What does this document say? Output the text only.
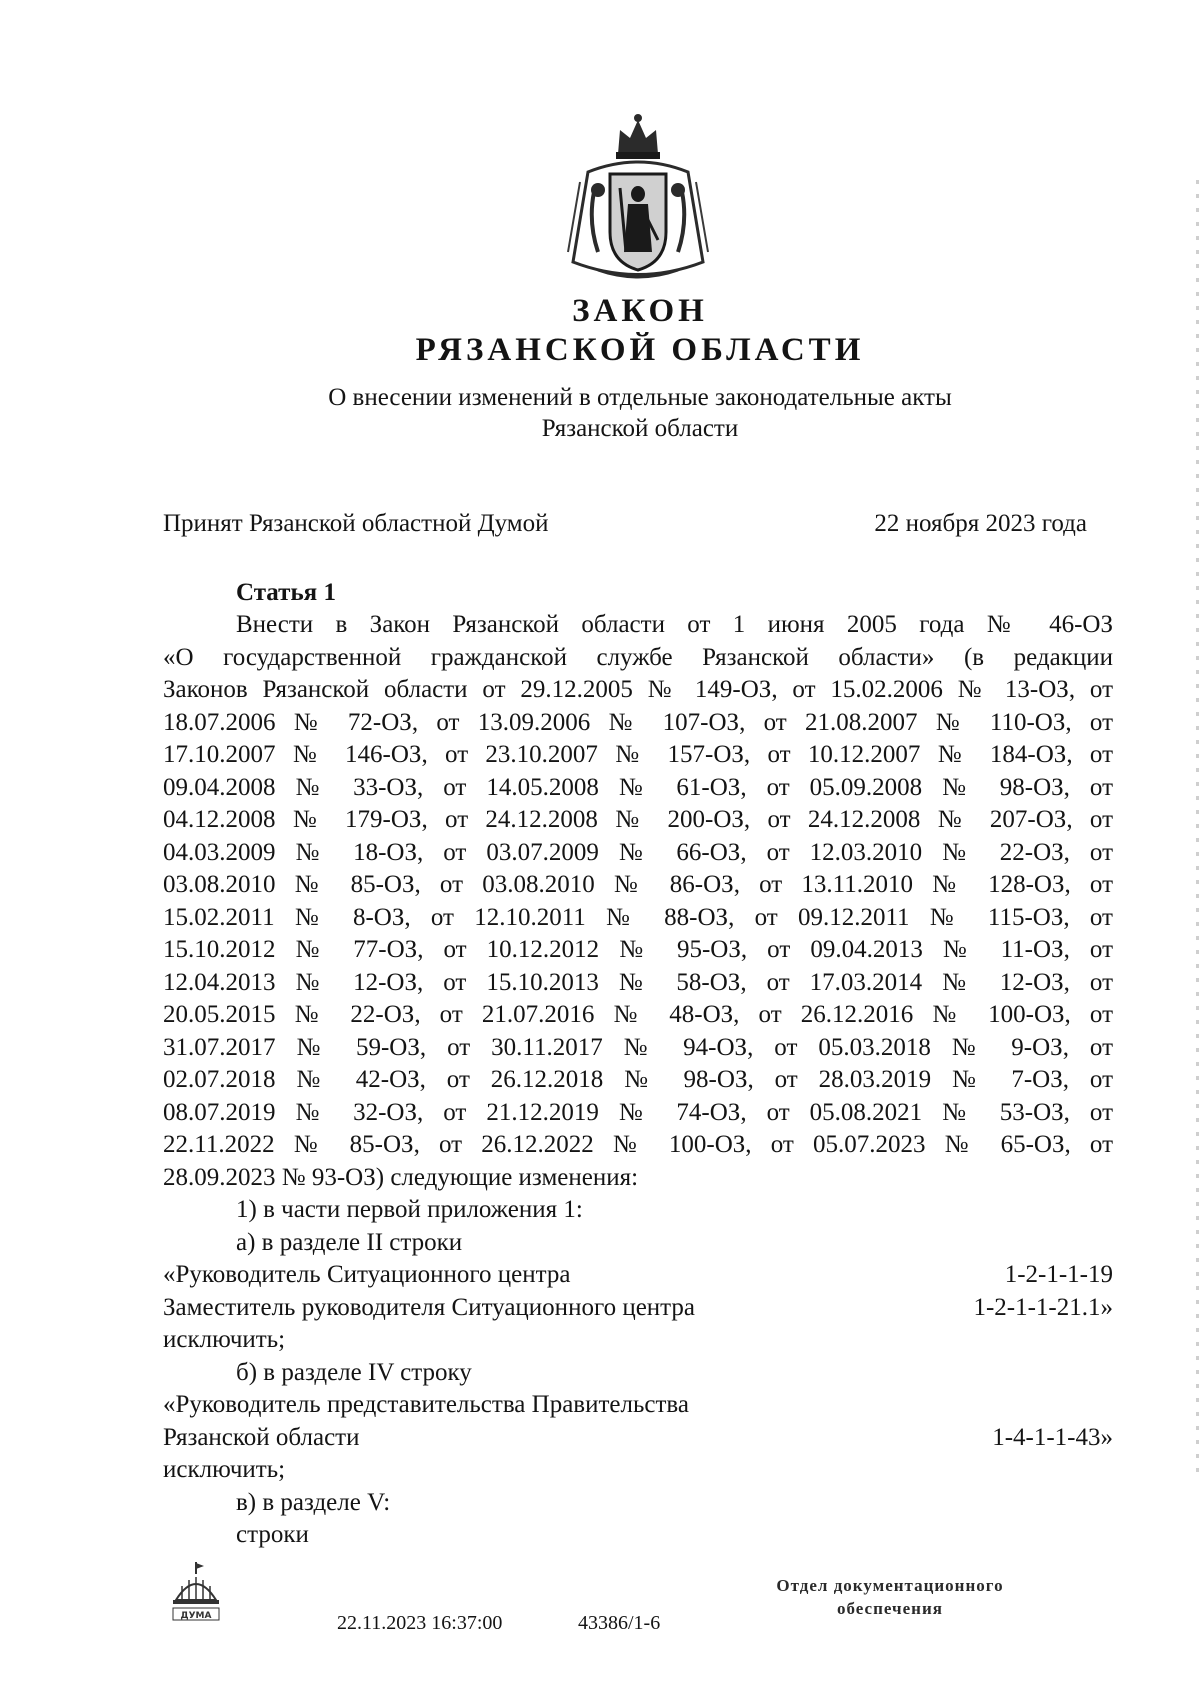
ЗАКОН
РЯЗАНСКОЙ ОБЛАСТИ
О внесении изменений в отдельные законодательные акты
Рязанской области
Принят Рязанской областной Думой	22 ноября 2023 года
Статья 1
Внести в Закон Рязанской области от 1 июня 2005 года № 46-ОЗ
«О государственной гражданской службе Рязанской области» (в редакции
Законов Рязанской области от 29.12.2005 № 149-ОЗ, от 15.02.2006 № 13-ОЗ, от
18.07.2006 № 72-ОЗ, от 13.09.2006 № 107-ОЗ, от 21.08.2007 № 110-ОЗ, от
17.10.2007 № 146-ОЗ, от 23.10.2007 № 157-ОЗ, от 10.12.2007 № 184-ОЗ, от
09.04.2008 № 33-ОЗ, от 14.05.2008 № 61-ОЗ, от 05.09.2008 № 98-ОЗ, от
04.12.2008 № 179-ОЗ, от 24.12.2008 № 200-ОЗ, от 24.12.2008 № 207-ОЗ, от
04.03.2009 № 18-ОЗ, от 03.07.2009 № 66-ОЗ, от 12.03.2010 № 22-ОЗ, от
03.08.2010 № 85-ОЗ, от 03.08.2010 № 86-ОЗ, от 13.11.2010 № 128-ОЗ, от
15.02.2011 № 8-ОЗ, от 12.10.2011 № 88-ОЗ, от 09.12.2011 № 115-ОЗ, от
15.10.2012 № 77-ОЗ, от 10.12.2012 № 95-ОЗ, от 09.04.2013 № 11-ОЗ, от
12.04.2013 № 12-ОЗ, от 15.10.2013 № 58-ОЗ, от 17.03.2014 № 12-ОЗ, от
20.05.2015 № 22-ОЗ, от 21.07.2016 № 48-ОЗ, от 26.12.2016 № 100-ОЗ, от
31.07.2017 № 59-ОЗ, от 30.11.2017 № 94-ОЗ, от 05.03.2018 № 9-ОЗ, от
02.07.2018 № 42-ОЗ, от 26.12.2018 № 98-ОЗ, от 28.03.2019 № 7-ОЗ, от
08.07.2019 № 32-ОЗ, от 21.12.2019 № 74-ОЗ, от 05.08.2021 № 53-ОЗ, от
22.11.2022 № 85-ОЗ, от 26.12.2022 № 100-ОЗ, от 05.07.2023 № 65-ОЗ, от
28.09.2023 № 93-ОЗ) следующие изменения:
1) в части первой приложения 1:
а) в разделе II строки
«Руководитель Ситуационного центра	1-2-1-1-19
Заместитель руководителя Ситуационного центра	1-2-1-1-21.1»
исключить;
б) в разделе IV строку
«Руководитель представительства Правительства
Рязанской области	1-4-1-1-43»
исключить;
в) в разделе V:
строки
ДУМА	22.11.2023 16:37:00	43386/1-6
Отдел документационного
обеспечения
